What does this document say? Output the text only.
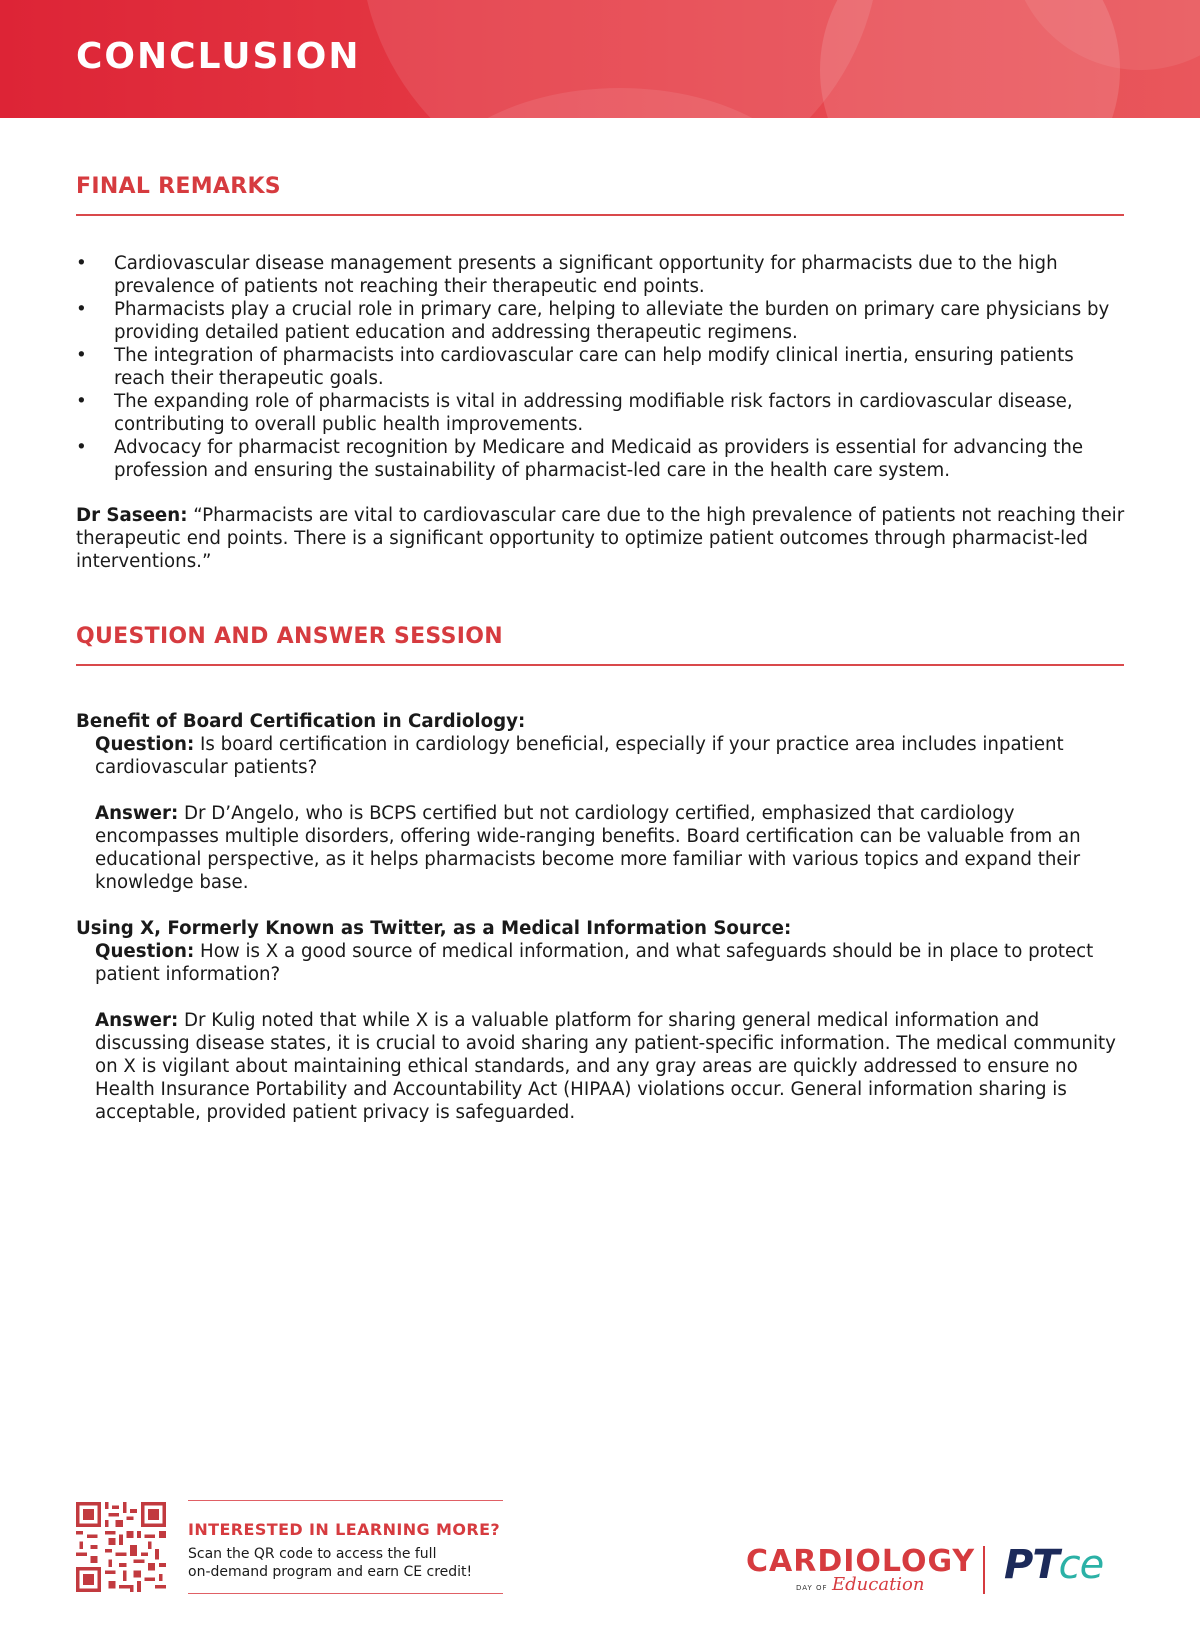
CONCLUSION
FINAL REMARKS
• Cardiovascular disease management presents a significant opportunity for pharmacists due to the high prevalence of patients not reaching their therapeutic end points.
• Pharmacists play a crucial role in primary care, helping to alleviate the burden on primary care physicians by providing detailed patient education and addressing therapeutic regimens.
• The integration of pharmacists into cardiovascular care can help modify clinical inertia, ensuring patients reach their therapeutic goals.
• The expanding role of pharmacists is vital in addressing modifiable risk factors in cardiovascular disease, contributing to overall public health improvements.
• Advocacy for pharmacist recognition by Medicare and Medicaid as providers is essential for advancing the profession and ensuring the sustainability of pharmacist-led care in the health care system.
Dr Saseen: “Pharmacists are vital to cardiovascular care due to the high prevalence of patients not reaching their therapeutic end points. There is a significant opportunity to optimize patient outcomes through pharmacist-led interventions.”
QUESTION AND ANSWER SESSION
Benefit of Board Certification in Cardiology:
Question: Is board certification in cardiology beneficial, especially if your practice area includes inpatient cardiovascular patients?
Answer: Dr D’Angelo, who is BCPS certified but not cardiology certified, emphasized that cardiology encompasses multiple disorders, offering wide-ranging benefits. Board certification can be valuable from an educational perspective, as it helps pharmacists become more familiar with various topics and expand their knowledge base.
Using X, Formerly Known as Twitter, as a Medical Information Source:
Question: How is X a good source of medical information, and what safeguards should be in place to protect patient information?
Answer: Dr Kulig noted that while X is a valuable platform for sharing general medical information and discussing disease states, it is crucial to avoid sharing any patient-specific information. The medical community on X is vigilant about maintaining ethical standards, and any gray areas are quickly addressed to ensure no Health Insurance Portability and Accountability Act (HIPAA) violations occur. General information sharing is acceptable, provided patient privacy is safeguarded.
INTERESTED IN LEARNING MORE?
Scan the QR code to access the full
on-demand program and earn CE credit!	CARDIOLOGY
DAY OF Education PTce
